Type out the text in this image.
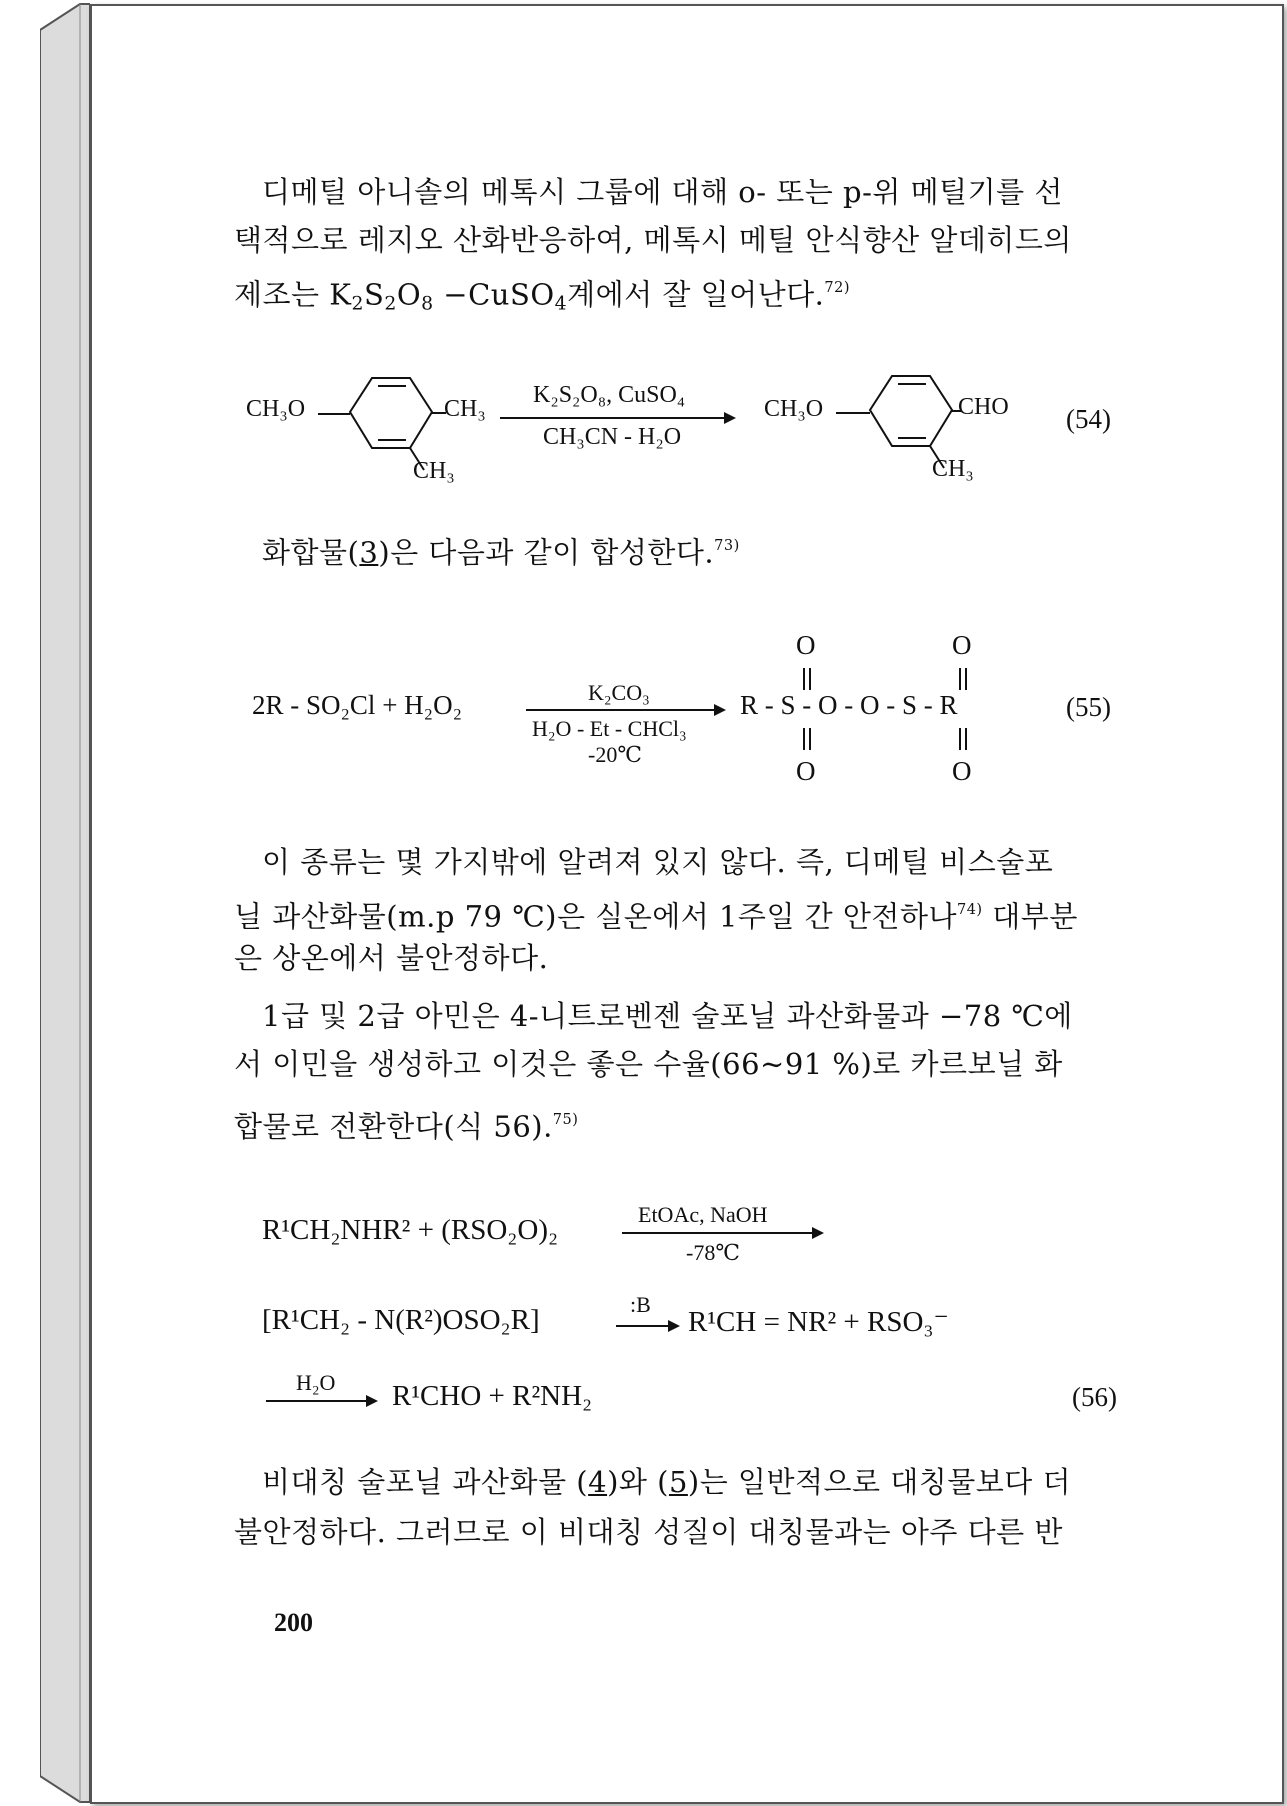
디메틸 아니솔의 메톡시 그룹에 대해 o- 또는 p-위 메틸기를 선
택적으로 레지오 산화반응하여, 메톡시 메틸 안식향산 알데히드의
제조는 $K_2S_2O_8$ −CuSO$_4$계에서 잘 일어난다.$^{72)}$
CH₃O	CH₃
CH₃
K₂S₂O₈, CuSO₄
CH₃CN - H₂O
CH₃O	CHO
CH₃
(54)
화합물(3)은 다음과 같이 합성한다.$^{73)}$
2R - SO₂Cl + H₂O₂	K₂CO₃
H₂O - Et - CHCl₃
-20℃
R - S - O - O - S - R
O	O
O	O
(55)
이 종류는 몇 가지밖에 알려져 있지 않다. 즉, 디메틸 비스술포
닐 과산화물(m.p 79 ℃)은 실온에서 1주일 간 안전하나$^{74)}$ 대부분
은 상온에서 불안정하다.
1급 및 2급 아민은 4-니트로벤젠 술포닐 과산화물과 −78 ℃에
서 이민을 생성하고 이것은 좋은 수율(66∼91 %)로 카르보닐 화
합물로 전환한다(식 56).$^{75)}$
R¹CH₂NHR² + (RSO₂O)₂	EtOAc, NaOH
-78℃
[R¹CH₂ - N(R²)OSO₂R]	:B
R¹CH = NR² + RSO₃⁻
H₂O R¹CHO + R²NH₂	(56)
비대칭 술포닐 과산화물 (4)와 (5)는 일반적으로 대칭물보다 더
불안정하다. 그러므로 이 비대칭 성질이 대칭물과는 아주 다른 반
200
